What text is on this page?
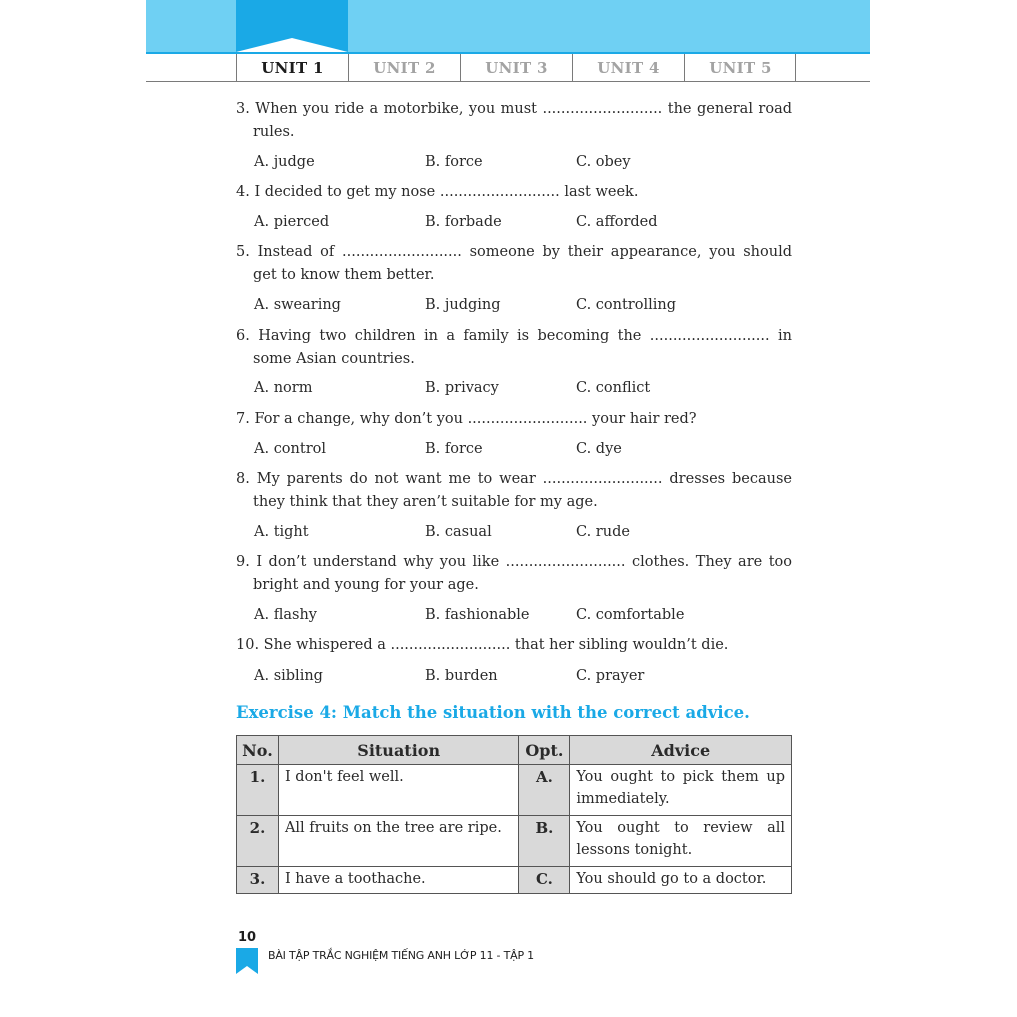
UNIT 1	UNIT 2	UNIT 3	UNIT 4	UNIT 5
3. When you ride a motorbike, you must .......................... the general road rules.
A. judge	B. force	C. obey
4. I decided to get my nose .......................... last week.
A. pierced	B. forbade	C. afforded
5. Instead of .......................... someone by their appearance, you should get to know them better.
A. swearing	B. judging	C. controlling
6. Having two children in a family is becoming the .......................... in some Asian countries.
A. norm	B. privacy	C. conflict
7. For a change, why don’t you .......................... your hair red?
A. control	B. force	C. dye
8. My parents do not want me to wear .......................... dresses because they think that they aren’t suitable for my age.
A. tight	B. casual	C. rude
9. I don’t understand why you like .......................... clothes. They are too bright and young for your age.
A. flashy	B. fashionable	C. comfortable
10. She whispered a .......................... that her sibling wouldn’t die.
A. sibling	B. burden	C. prayer
Exercise 4: Match the situation with the correct advice.
No.	Situation	Opt.	Advice
1.	I don't feel well.	A.	You ought to pick them up immediately.
2.	All fruits on the tree are ripe.	B.	You ought to review all lessons tonight.
3.	I have a toothache.	C.	You should go to a doctor.
10
BÀI TẬP TRẮC NGHIỆM TIẾNG ANH LỚP 11 - TẬP 1
